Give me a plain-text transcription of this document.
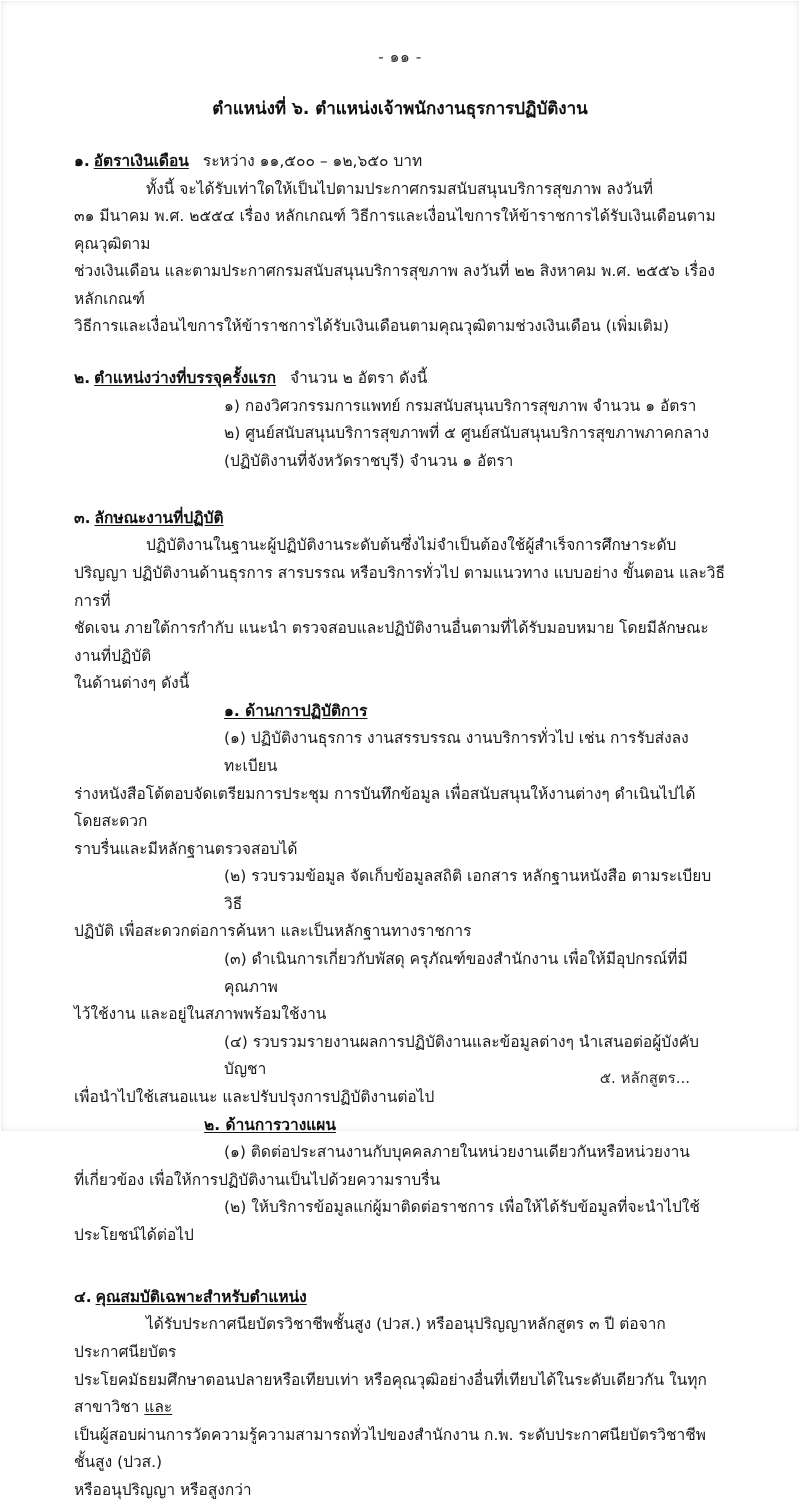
- ๑๑ -
ตำแหน่งที่ ๖. ตำแหน่งเจ้าพนักงานธุรการปฏิบัติงาน
๑. อัตราเงินเดือน ระหว่าง ๑๑,๕๐๐ – ๑๒,๖๕๐ บาท

ทั้งนี้ จะได้รับเท่าใดให้เป็นไปตามประกาศกรมสนับสนุนบริการสุขภาพ ลงวันที่

๓๑ มีนาคม พ.ศ. ๒๕๕๔ เรื่อง หลักเกณฑ์ วิธีการและเงื่อนไขการให้ข้าราชการได้รับเงินเดือนตามคุณวุฒิตาม

ช่วงเงินเดือน และตามประกาศกรมสนับสนุนบริการสุขภาพ ลงวันที่ ๒๒ สิงหาคม พ.ศ. ๒๕๕๖ เรื่อง หลักเกณฑ์

วิธีการและเงื่อนไขการให้ข้าราชการได้รับเงินเดือนตามคุณวุฒิตามช่วงเงินเดือน (เพิ่มเติม)

๒. ตำแหน่งว่างที่บรรจุครั้งแรก จำนวน ๒ อัตรา ดังนี้

๑) กองวิศวกรรมการแพทย์ กรมสนับสนุนบริการสุขภาพ จำนวน ๑ อัตรา

๒) ศูนย์สนับสนุนบริการสุขภาพที่ ๕ ศูนย์สนับสนุนบริการสุขภาพภาคกลาง

(ปฏิบัติงานที่จังหวัดราชบุรี) จำนวน ๑ อัตรา

๓. ลักษณะงานที่ปฏิบัติ

ปฏิบัติงานในฐานะผู้ปฏิบัติงานระดับต้นซึ่งไม่จำเป็นต้องใช้ผู้สำเร็จการศึกษาระดับ

ปริญญา ปฏิบัติงานด้านธุรการ สารบรรณ หรือบริการทั่วไป ตามแนวทาง แบบอย่าง ขั้นตอน และวิธีการที่

ชัดเจน ภายใต้การกำกับ แนะนำ ตรวจสอบและปฏิบัติงานอื่นตามที่ได้รับมอบหมาย โดยมีลักษณะงานที่ปฏิบัติ

ในด้านต่างๆ ดังนี้

๑. ด้านการปฏิบัติการ

(๑) ปฏิบัติงานธุรการ งานสรรบรรณ งานบริการทั่วไป เช่น การรับส่งลงทะเบียน

ร่างหนังสือโต้ตอบจัดเตรียมการประชุม การบันทึกข้อมูล เพื่อสนับสนุนให้งานต่างๆ ดำเนินไปได้ โดยสะดวก

ราบรื่นและมีหลักฐานตรวจสอบได้

(๒) รวบรวมข้อมูล จัดเก็บข้อมูลสถิติ เอกสาร หลักฐานหนังสือ ตามระเบียบวิธี

ปฏิบัติ เพื่อสะดวกต่อการค้นหา และเป็นหลักฐานทางราชการ

(๓) ดำเนินการเกี่ยวกับพัสดุ ครุภัณฑ์ของสำนักงาน เพื่อให้มีอุปกรณ์ที่มีคุณภาพ

ไว้ใช้งาน และอยู่ในสภาพพร้อมใช้งาน

(๔) รวบรวมรายงานผลการปฏิบัติงานและข้อมูลต่างๆ นำเสนอต่อผู้บังคับบัญชา

เพื่อนำไปใช้เสนอแนะ และปรับปรุงการปฏิบัติงานต่อไป

๒. ด้านการวางแผน

(๑) ติดต่อประสานงานกับบุคคลภายในหน่วยงานเดียวกันหรือหน่วยงาน

ที่เกี่ยวข้อง เพื่อให้การปฏิบัติงานเป็นไปด้วยความราบรื่น

(๒) ให้บริการข้อมูลแก่ผู้มาติดต่อราชการ เพื่อให้ได้รับข้อมูลที่จะนำไปใช้

ประโยชน์ได้ต่อไป

๔. คุณสมบัติเฉพาะสำหรับตำแหน่ง

ได้รับประกาศนียบัตรวิชาชีพชั้นสูง (ปวส.) หรืออนุปริญญาหลักสูตร ๓ ปี ต่อจากประกาศนียบัตร

ประโยคมัธยมศึกษาตอนปลายหรือเทียบเท่า หรือคุณวุฒิอย่างอื่นที่เทียบได้ในระดับเดียวกัน ในทุกสาขาวิชา และ

เป็นผู้สอบผ่านการวัดความรู้ความสามารถทั่วไปของสำนักงาน ก.พ. ระดับประกาศนียบัตรวิชาชีพชั้นสูง (ปวส.)

หรืออนุปริญญา หรือสูงกว่า

๕. หลักสูตร...
